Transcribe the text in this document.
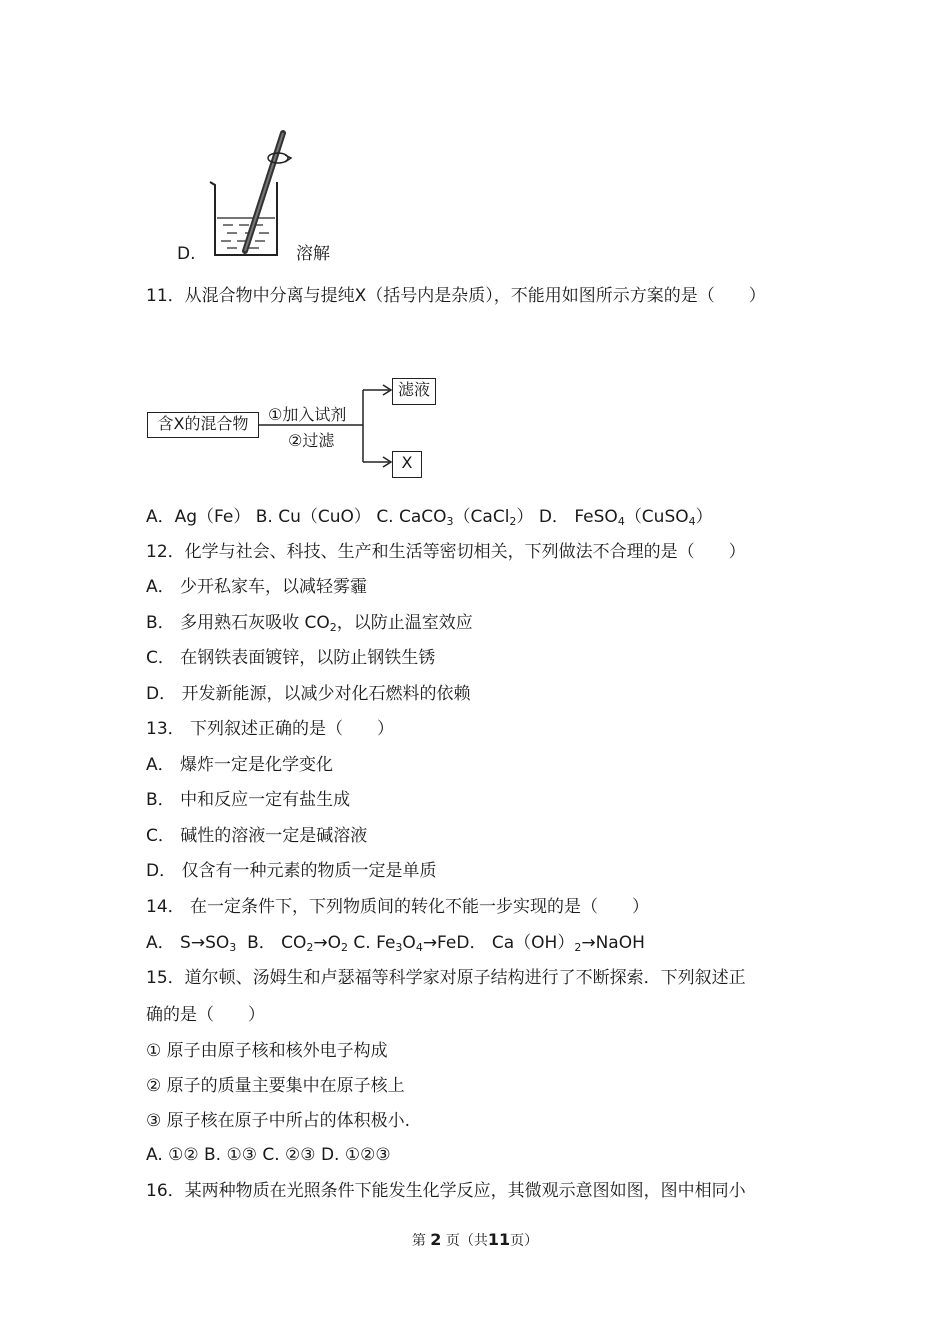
D.	溶解
11．从混合物中分离与提纯X（括号内是杂质），不能用如图所示方案的是（　　）
含X的混合物	①加入试剂
②过滤
滤液
X
A．Ag（Fe） B. Cu（CuO） C. CaCO$_3$（CaCl$_2$） D． FeSO$_4$（CuSO$_4$）
12．化学与社会、科技、生产和生活等密切相关，下列做法不合理的是（　　）
A． 少开私家车，以减轻雾霾
B． 多用熟石灰吸收 $CO_2$，以防止温室效应
C． 在钢铁表面镀锌，以防止钢铁生锈
D． 开发新能源，以减少对化石燃料的依赖
13． 下列叙述正确的是（　　）
A． 爆炸一定是化学变化
B． 中和反应一定有盐生成
C． 碱性的溶液一定是碱溶液
D． 仅含有一种元素的物质一定是单质
14． 在一定条件下，下列物质间的转化不能一步实现的是（　　）
A． $S\to SO_3$ B． $CO_2\to O_2$ C. $Fe_3O_4\to FeD$． $Ca(OH)_2\to NaOH$
15．道尔顿、汤姆生和卢瑟福等科学家对原子结构进行了不断探索．下列叙述正
确的是（　　）
① 原子由原子核和核外电子构成
② 原子的质量主要集中在原子核上
③ 原子核在原子中所占的体积极小.
A. ①② B. ①③ C. ②③ D. ①②③
16．某两种物质在光照条件下能发生化学反应，其微观示意图如图，图中相同小
第 2 页（共11页）
